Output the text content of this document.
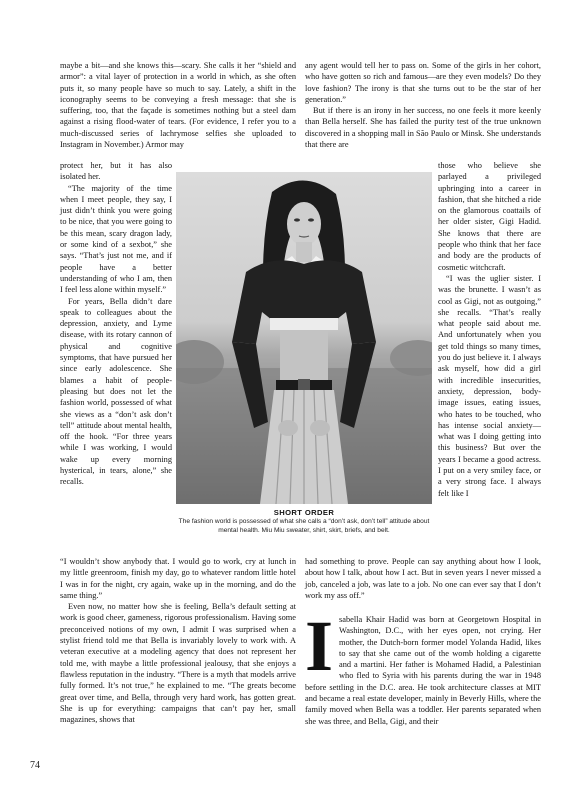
maybe a bit—and she knows this—scary. She calls it her “shield and armor”: a vital layer of protection in a world in which, as she often puts it, so many people have so much to say. Lately, a shift in the iconography seems to be conveying a fresh message: that she is suffering, too, that the façade is sometimes nothing but a steel dam against a rising flood-water of tears. (For evidence, I refer you to a much-discussed series of lachrymose selfies she uploaded to Instagram in November.) Armor may

protect her, but it has also isolated her.

“The majority of the time when I meet people, they say, I just didn’t think you were going to be nice, that you were going to be this mean, scary dragon lady, or some kind of a sexbot,” she says. “That’s just not me, and if people have a better understanding of who I am, then I feel less alone within myself.”

For years, Bella didn’t dare speak to colleagues about the depression, anxiety, and Lyme disease, with its rotary cannon of physical and cognitive symptoms, that have pursued her since early adolescence. She blames a habit of people-pleasing but does not let the fashion world, possessed of what she views as a “don’t ask don’t tell” attitude about mental health, off the hook. “For three years while I was working, I would wake up every morning hysterical, in tears, alone,” she recalls.

“I wouldn’t show anybody that. I would go to work, cry at lunch in my little greenroom, finish my day, go to whatever random little hotel I was in for the night, cry again, wake up in the morning, and do the same thing.”

Even now, no matter how she is feeling, Bella’s default setting at work is good cheer, gameness, rigorous professionalism. Having some preconceived notions of my own, I admit I was surprised when a stylist friend told me that Bella is invariably lovely to work with. A veteran executive at a modeling agency that does not represent her told me, with maybe a little professional jealousy, that she enjoys a flawless reputation in the industry. “There is a myth that models arrive fully formed. It’s not true,” he explained to me. “The greats become great over time, and Bella, through very hard work, has gotten great. She is up for everything: campaigns that can’t pay her, small magazines, shows that

any agent would tell her to pass on. Some of the girls in her cohort, who have gotten so rich and famous—are they even models? Do they love fashion? The irony is that she turns out to be the star of her generation.”

But if there is an irony in her success, no one feels it more keenly than Bella herself. She has failed the purity test of the true unknown discovered in a shopping mall in São Paulo or Minsk. She understands that there are

those who believe she parlayed a privileged upbringing into a career in fashion, that she hitched a ride on the glamorous coattails of her older sister, Gigi Hadid. She knows that there are people who think that her face and body are the products of cosmetic witchcraft.

“I was the uglier sister. I was the brunette. I wasn’t as cool as Gigi, not as outgoing,” she recalls. “That’s really what people said about me. And unfortunately when you get told things so many times, you do just believe it. I always ask myself, how did a girl with incredible insecurities, anxiety, depression, body-image issues, eating issues, who hates to be touched, who has intense social anxiety—what was I doing getting into this business? But over the years I became a good actress. I put on a very smiley face, or a very strong face. I always felt like I

had something to prove. People can say anything about how I look, about how I talk, about how I act. But in seven years I never missed a job, canceled a job, was late to a job. No one can ever say that I don’t work my ass off.”

Isabella Khair Hadid was born at Georgetown Hospital in Washington, D.C., with her eyes open, not crying. Her mother, the Dutch-born former model Yolanda Hadid, likes to say that she came out of the womb holding a cigarette and a martini. Her father is Mohamed Hadid, a Palestinian who fled to Syria with his parents during the war in 1948 before settling in the D.C. area. He took architecture classes at MIT and became a real estate developer, mainly in Beverly Hills, where the family moved when Bella was a toddler. Her parents separated when she was three, and Bella, Gigi, and their

SHORT ORDER
The fashion world is possessed of what she calls a “don’t ask, don’t tell” attitude about mental health. Miu Miu sweater, shirt, skirt, briefs, and belt.
74
